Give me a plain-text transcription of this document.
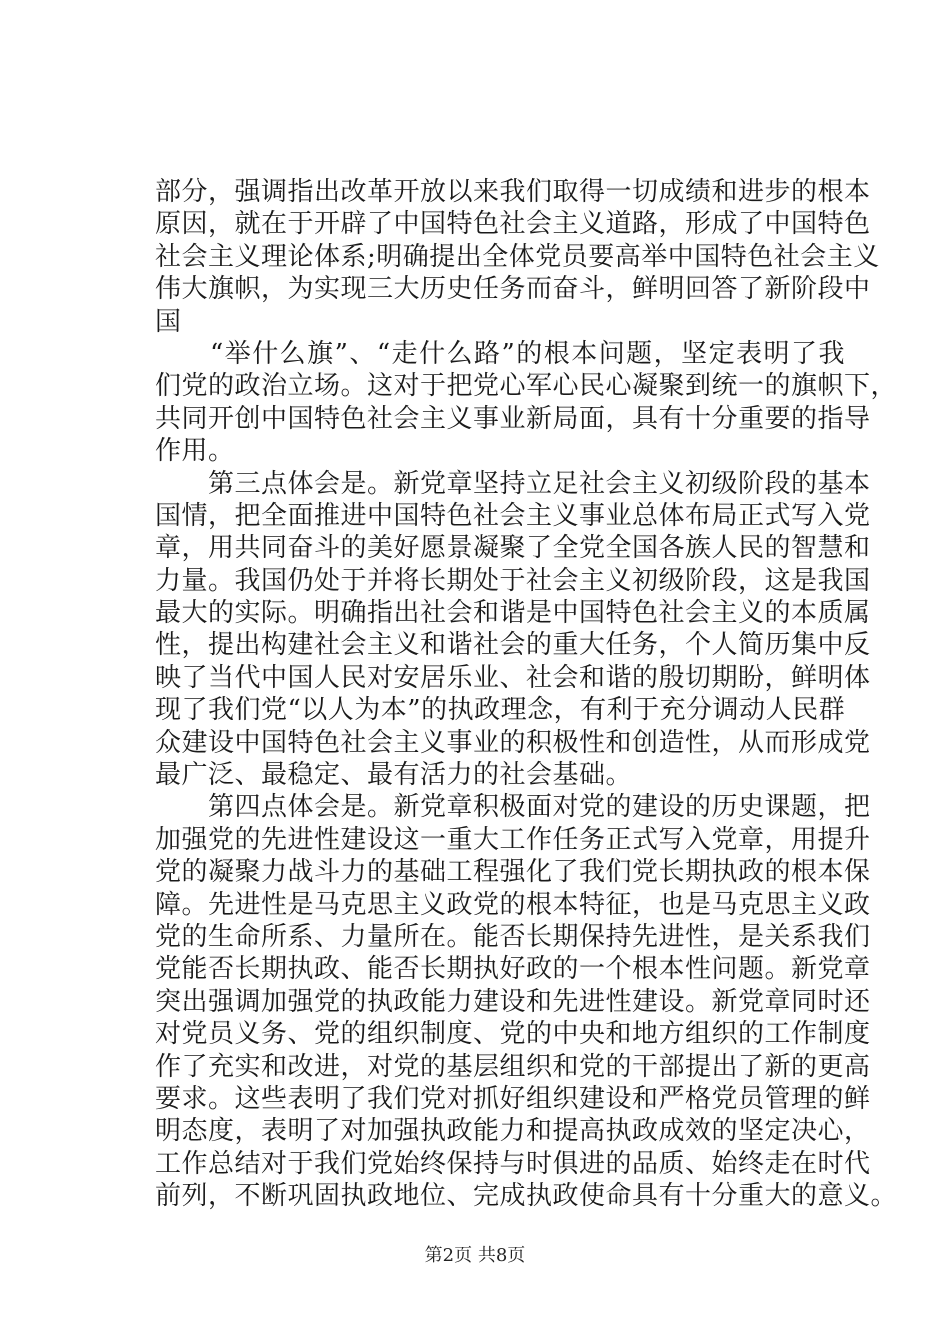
部分，强调指出改革开放以来我们取得一切成绩和进步的根本
原因，就在于开辟了中国特色社会主义道路，形成了中国特色
社会主义理论体系;明确提出全体党员要高举中国特色社会主义
伟大旗帜，为实现三大历史任务而奋斗，鲜明回答了新阶段中
国
　　“举什么旗”、“走什么路”的根本问题，坚定表明了我
们党的政治立场。这对于把党心军心民心凝聚到统一的旗帜下，
共同开创中国特色社会主义事业新局面，具有十分重要的指导
作用。
　　第三点体会是。新党章坚持立足社会主义初级阶段的基本
国情，把全面推进中国特色社会主义事业总体布局正式写入党
章，用共同奋斗的美好愿景凝聚了全党全国各族人民的智慧和
力量。我国仍处于并将长期处于社会主义初级阶段，这是我国
最大的实际。明确指出社会和谐是中国特色社会主义的本质属
性，提出构建社会主义和谐社会的重大任务，个人简历集中反
映了当代中国人民对安居乐业、社会和谐的殷切期盼，鲜明体
现了我们党“以人为本”的执政理念，有利于充分调动人民群
众建设中国特色社会主义事业的积极性和创造性，从而形成党
最广泛、最稳定、最有活力的社会基础。
　　第四点体会是。新党章积极面对党的建设的历史课题，把
加强党的先进性建设这一重大工作任务正式写入党章，用提升
党的凝聚力战斗力的基础工程强化了我们党长期执政的根本保
障。先进性是马克思主义政党的根本特征，也是马克思主义政
党的生命所系、力量所在。能否长期保持先进性，是关系我们
党能否长期执政、能否长期执好政的一个根本性问题。新党章
突出强调加强党的执政能力建设和先进性建设。新党章同时还
对党员义务、党的组织制度、党的中央和地方组织的工作制度
作了充实和改进，对党的基层组织和党的干部提出了新的更高
要求。这些表明了我们党对抓好组织建设和严格党员管理的鲜
明态度，表明了对加强执政能力和提高执政成效的坚定决心，
工作总结对于我们党始终保持与时俱进的品质、始终走在时代
前列，不断巩固执政地位、完成执政使命具有十分重大的意义。
第2页 共8页
